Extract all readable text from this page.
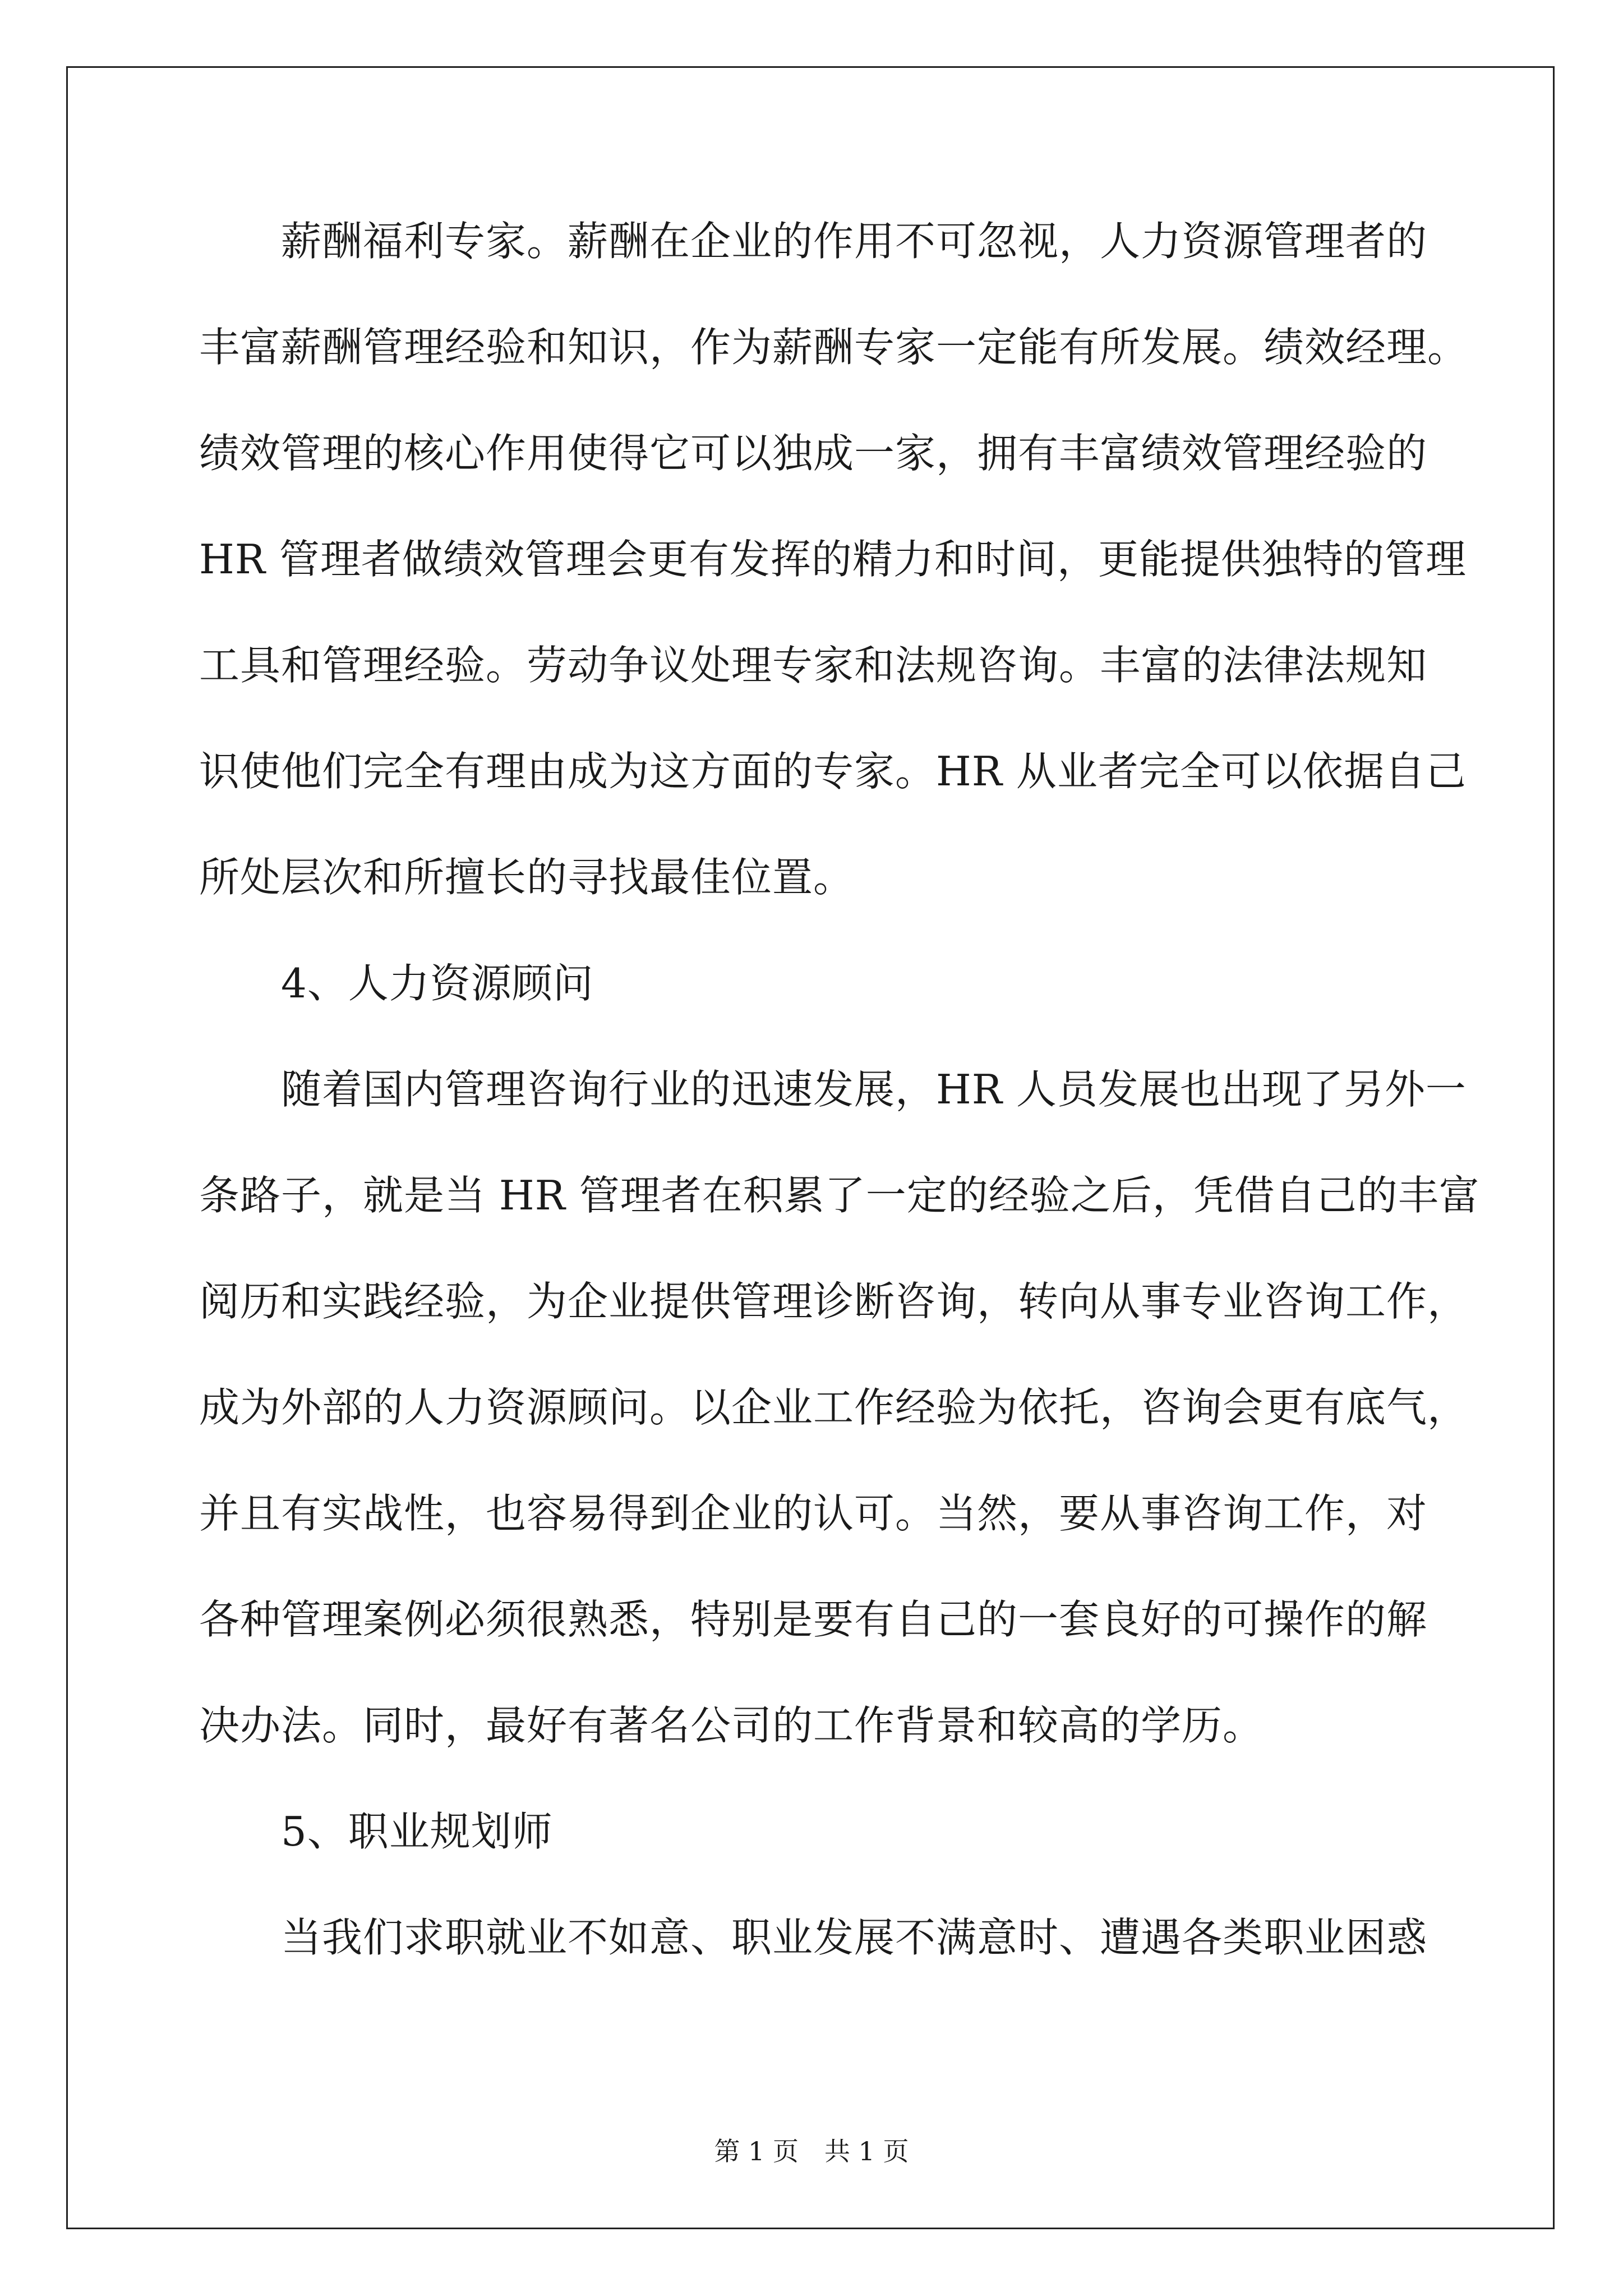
　　薪酬福利专家。薪酬在企业的作用不可忽视，人力资源管理者的
丰富薪酬管理经验和知识，作为薪酬专家一定能有所发展。绩效经理。
绩效管理的核心作用使得它可以独成一家，拥有丰富绩效管理经验的
HR 管理者做绩效管理会更有发挥的精力和时间，更能提供独特的管理
工具和管理经验。劳动争议处理专家和法规咨询。丰富的法律法规知
识使他们完全有理由成为这方面的专家。HR 从业者完全可以依据自己
所处层次和所擅长的寻找最佳位置。
　　4、人力资源顾问
　　随着国内管理咨询行业的迅速发展，HR 人员发展也出现了另外一
条路子，就是当 HR 管理者在积累了一定的经验之后，凭借自己的丰富
阅历和实践经验，为企业提供管理诊断咨询，转向从事专业咨询工作，
成为外部的人力资源顾问。以企业工作经验为依托，咨询会更有底气，
并且有实战性，也容易得到企业的认可。当然，要从事咨询工作，对
各种管理案例必须很熟悉，特别是要有自己的一套良好的可操作的解
决办法。同时，最好有著名公司的工作背景和较高的学历。
　　5、职业规划师
　　当我们求职就业不如意、职业发展不满意时、遭遇各类职业困惑
第 1 页　共 1 页
